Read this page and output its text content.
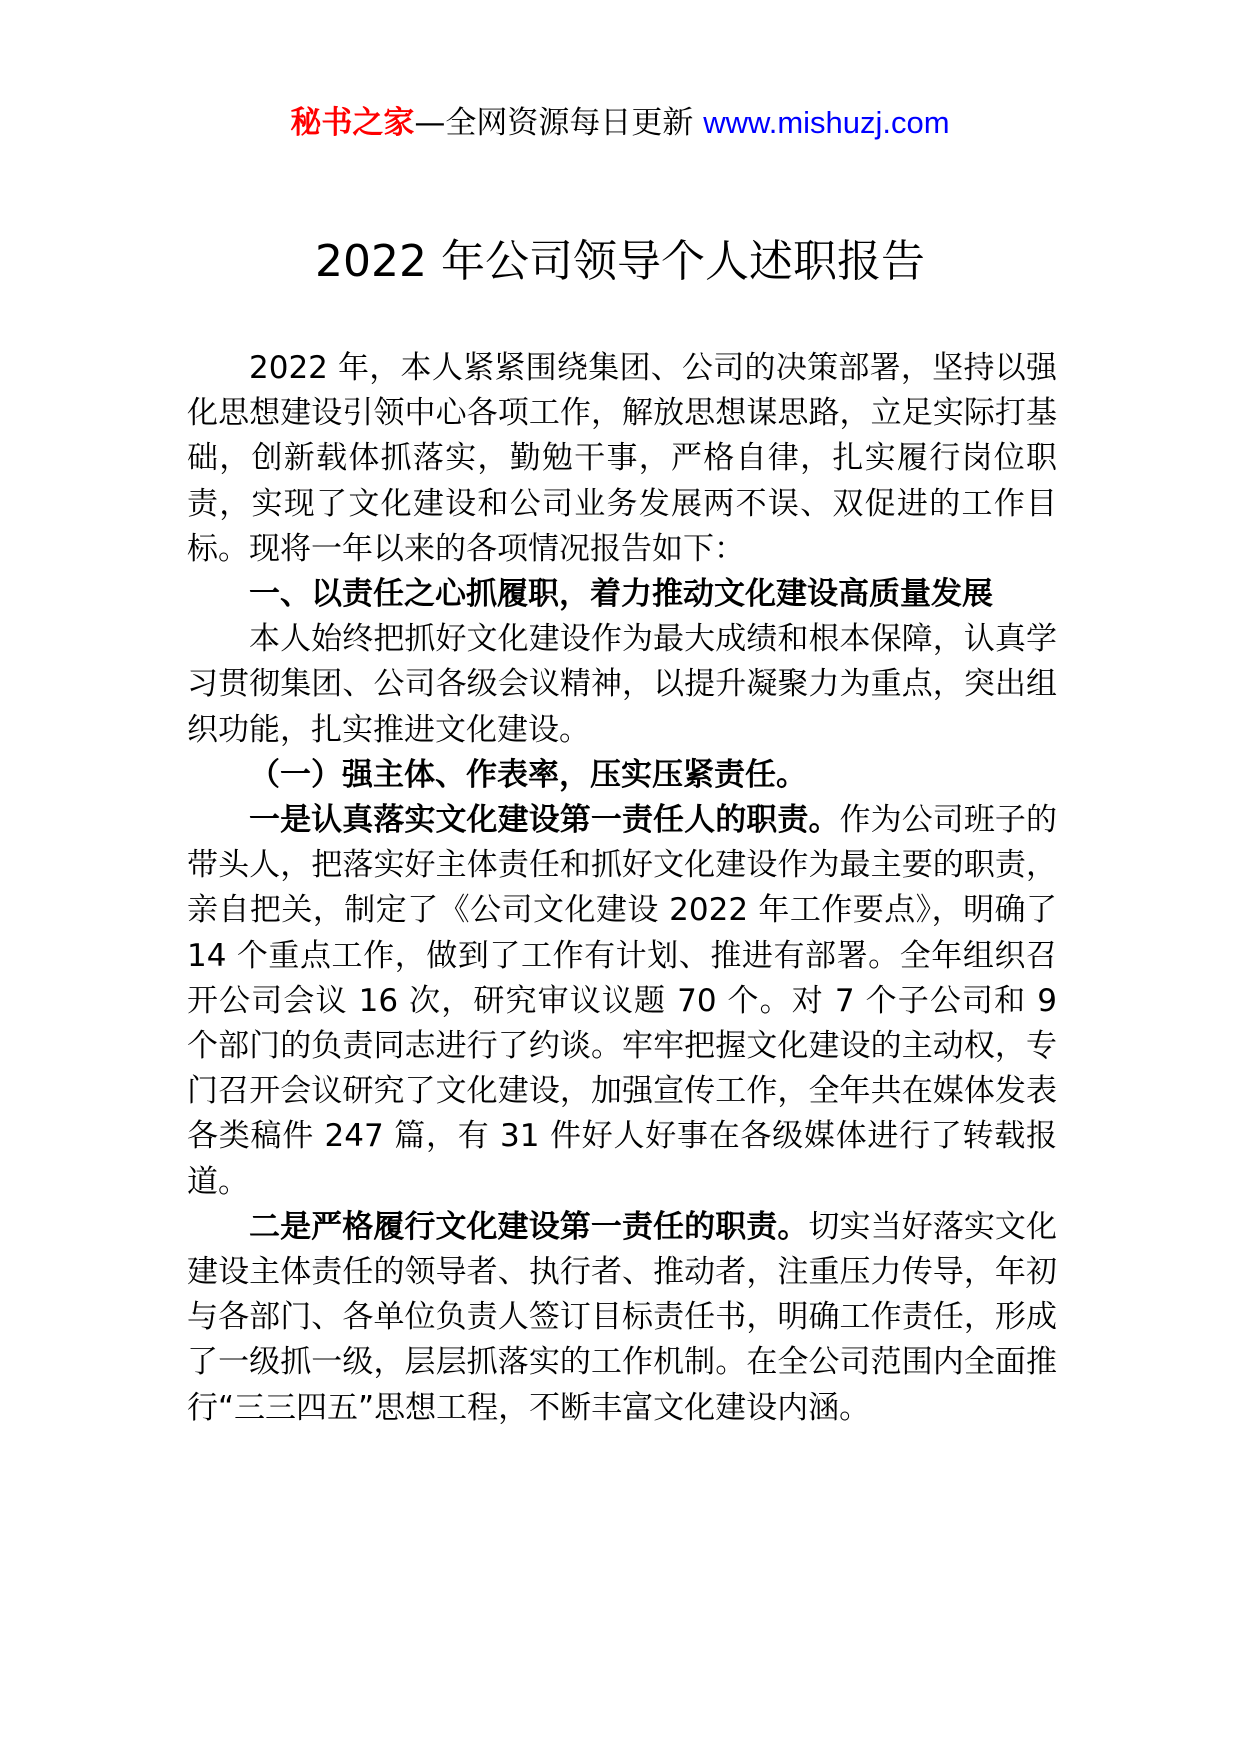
秘书之家—全网资源每日更新 www.mishuzj.com
2022 年公司领导个人述职报告

2022 年，本人紧紧围绕集团、公司的决策部署，坚持以强化思想建设引领中心各项工作，解放思想谋思路，立足实际打基础，创新载体抓落实，勤勉干事，严格自律，扎实履行岗位职责，实现了文化建设和公司业务发展两不误、双促进的工作目标。现将一年以来的各项情况报告如下：

一、以责任之心抓履职，着力推动文化建设高质量发展

本人始终把抓好文化建设作为最大成绩和根本保障，认真学习贯彻集团、公司各级会议精神，以提升凝聚力为重点，突出组织功能，扎实推进文化建设。

（一）强主体、作表率，压实压紧责任。

一是认真落实文化建设第一责任人的职责。作为公司班子的带头人，把落实好主体责任和抓好文化建设作为最主要的职责，亲自把关，制定了《公司文化建设 2022 年工作要点》，明确了 14 个重点工作，做到了工作有计划、推进有部署。全年组织召开公司会议 16 次，研究审议议题 70 个。对 7 个子公司和 9 个部门的负责同志进行了约谈。牢牢把握文化建设的主动权，专门召开会议研究了文化建设，加强宣传工作，全年共在媒体发表各类稿件 247 篇，有 31 件好人好事在各级媒体进行了转载报道。

二是严格履行文化建设第一责任的职责。切实当好落实文化建设主体责任的领导者、执行者、推动者，注重压力传导，年初与各部门、各单位负责人签订目标责任书，明确工作责任，形成了一级抓一级，层层抓落实的工作机制。在全公司范围内全面推行“三三四五”思想工程，不断丰富文化建设内涵。
